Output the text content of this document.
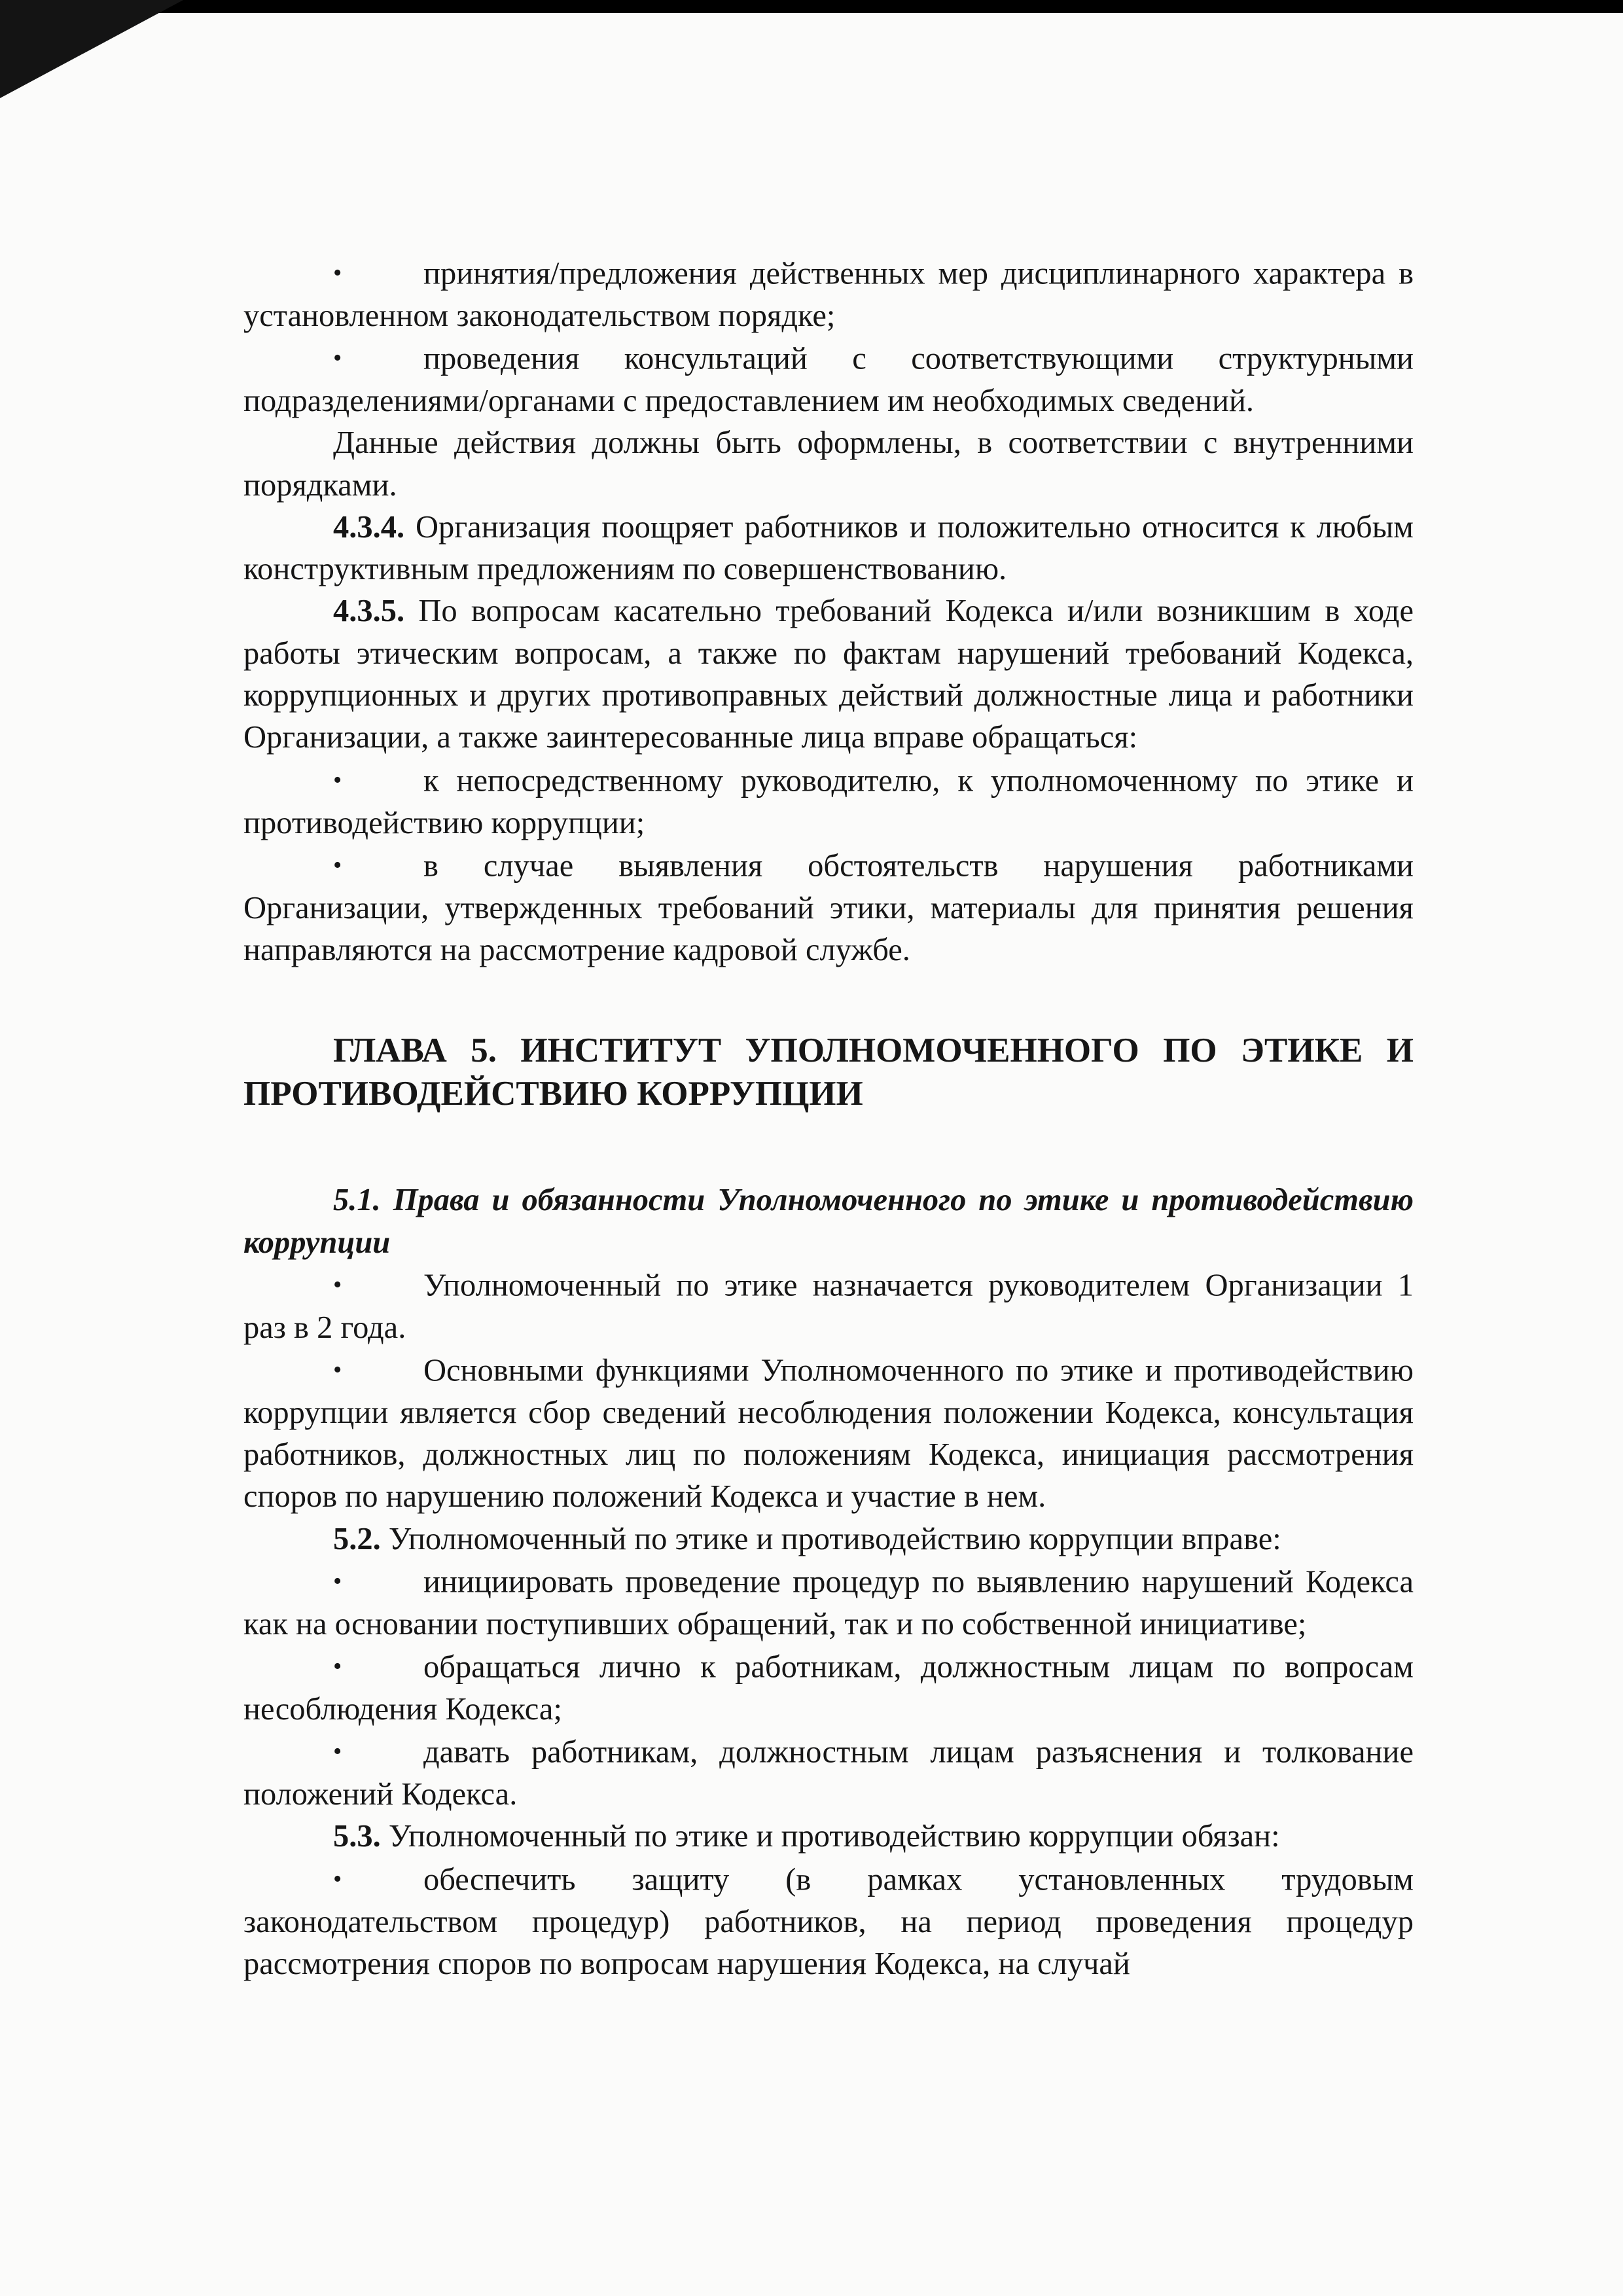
•	принятия/предложения действенных мер дисциплинарного характера в установленном законодательством порядке;

•	проведения консультаций с соответствующими структурными подразделениями/органами с предоставлением им необходимых сведений.

Данные действия должны быть оформлены, в соответствии с внутренними порядками.

4.3.4. Организация поощряет работников и положительно относится к любым конструктивным предложениям по совершенствованию.

4.3.5. По вопросам касательно требований Кодекса и/или возникшим в ходе работы этическим вопросам, а также по фактам нарушений требований Кодекса, коррупционных и других противоправных действий должностные лица и работники Организации, а также заинтересованные лица вправе обращаться:

•	к непосредственному руководителю, к уполномоченному по этике и противодействию коррупции;

•	в случае выявления обстоятельств нарушения работниками Организации, утвержденных требований этики, материалы для принятия решения направляются на рассмотрение кадровой службе.

ГЛАВА 5. ИНСТИТУТ УПОЛНОМОЧЕННОГО ПО ЭТИКЕ И ПРОТИВОДЕЙСТВИЮ КОРРУПЦИИ

5.1. Права и обязанности Уполномоченного по этике и противодействию коррупции

•	Уполномоченный по этике назначается руководителем Организации 1 раз в 2 года.

•	Основными функциями Уполномоченного по этике и противодействию коррупции является сбор сведений несоблюдения положении Кодекса, консультация работников, должностных лиц по положениям Кодекса, инициация рассмотрения споров по нарушению положений Кодекса и участие в нем.

5.2. Уполномоченный по этике и противодействию коррупции вправе:

•	инициировать проведение процедур по выявлению нарушений Кодекса как на основании поступивших обращений, так и по собственной инициативе;

•	обращаться лично к работникам, должностным лицам по вопросам несоблюдения Кодекса;

•	давать работникам, должностным лицам разъяснения и толкование положений Кодекса.

5.3. Уполномоченный по этике и противодействию коррупции обязан:

•	обеспечить защиту (в рамках установленных трудовым законодательством процедур) работников, на период проведения процедур рассмотрения споров по вопросам нарушения Кодекса, на случай
